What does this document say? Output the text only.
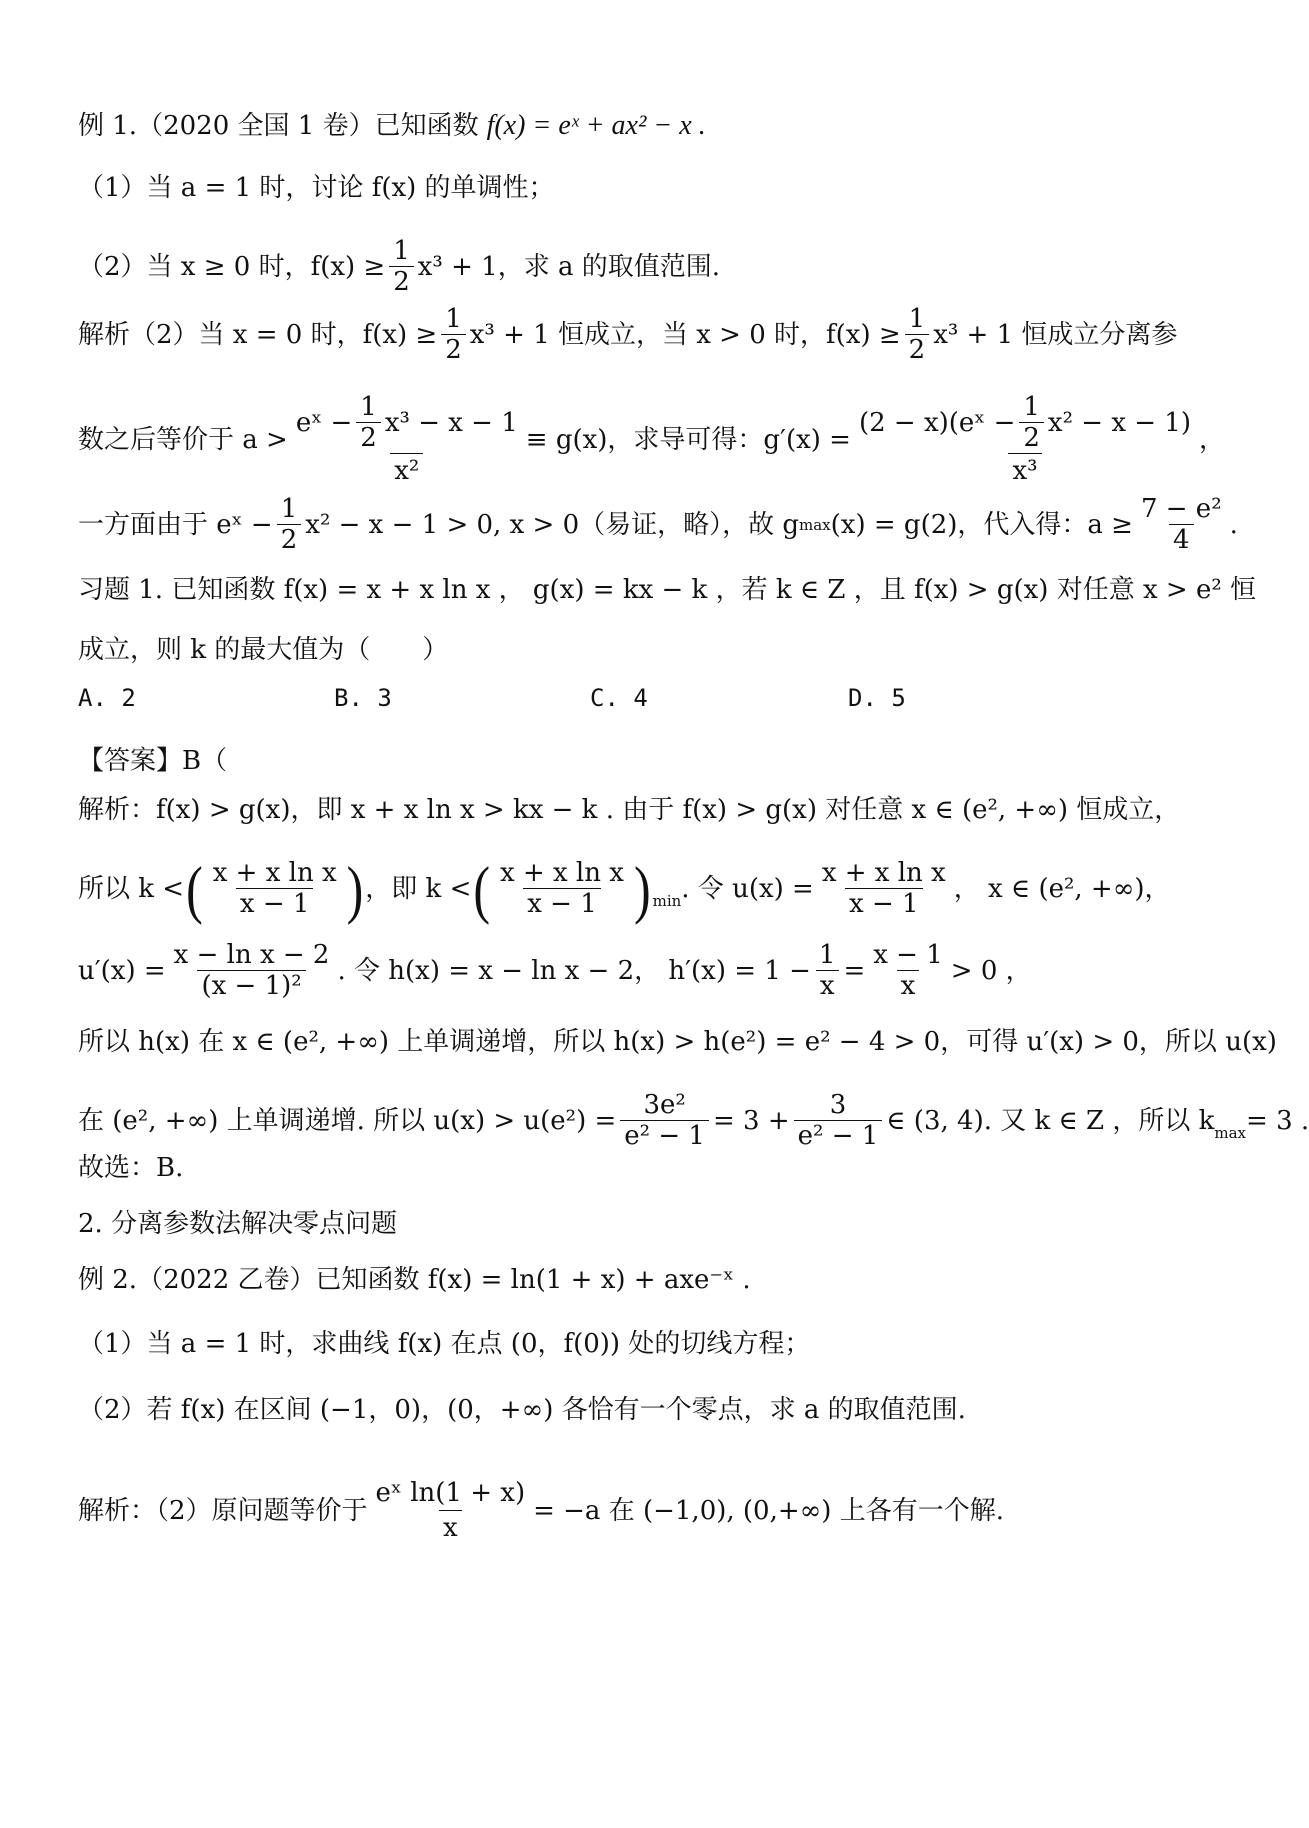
例 1.（2020 全国 1 卷）已知函数 f(x) = eˣ + ax² − x .
（1）当 a = 1 时，讨论 f(x) 的单调性；
（2）当 x ≥ 0 时，$f(x) \ge \frac{1}{2} x^3 + 1$，求 a 的取值范围.
解析（2）当 x = 0 时，$f(x) \ge \frac{1}{2} x^3 + 1$ 恒成立，当 x > 0 时，$f(x) \ge \frac{1}{2} x^3 + 1$ 恒成立分离参
数之后等价于 a >
eˣ − $\frac{1}{2} x^3 - x - 1$
x²
≡ g(x)，求导可得：g′(x) =
(2 − x)(eˣ − $\frac{1}{2} x^2 - x - 1$)
x³
，
一方面由于 eˣ − $\frac{1}{2} x^2 - x - 1 > 0$, x > 0（易证，略），故 g max (x) = g(2)，代入得：$a \ge \frac{\text{7 − e²}}{4}$ .
习题 1. 已知函数 f(x) = x + x ln x ， g(x) = kx − k ，若 k ∈ Z ，且 f(x) > g(x) 对任意 x > e² 恒
成立，则 k 的最大值为（　　）
A. 2	B. 3	C. 4	D. 5
【答案】B（
解析：f(x) > g(x)，即 x + x ln x > kx − k . 由于 f(x) > g(x) 对任意 x ∈ (e², +∞) 恒成立，
所以 k < ( $\frac{\text{x + x ln x}}{x - 1}$ ) ，即 k < ( $\frac{\text{x + x ln x}}{x - 1} )_{min}$ . 令 $u(x) = \frac{\text{x + x ln x}}{x - 1}$ ， x ∈ (e², +∞)，
$u'(x) = \frac{\text{x − ln x − 2}}{\text{(x − 1)²}}$ . 令 h(x) = x − ln x − 2， $h'(x) = 1 - \frac{1}{x} = \frac{x - 1}{x} > 0$ ，
所以 h(x) 在 x ∈ (e², +∞) 上单调递增，所以 h(x) > h(e²) = e² − 4 > 0，可得 u′(x) > 0，所以 u(x)
在 (e², +∞) 上单调递增. 所以 $u(x) > u(e^2) = \frac{\text{3e²}}{\text{e² − 1}} = 3 + \frac{3}{\text{e² − 1}}$ ∈ (3, 4). 又 k ∈ Z ，所以 $k_{max} = 3$ .
故选：B.
2. 分离参数法解决零点问题
例 2.（2022 乙卷）已知函数 f(x) = ln(1 + x) + axe⁻ˣ .
（1）当 a = 1 时，求曲线 f(x) 在点 (0，f(0)) 处的切线方程；
（2）若 f(x) 在区间 (−1，0)，(0，+∞) 各恰有一个零点，求 a 的取值范围.
解析：（2）原问题等价于 $\frac{\text{eˣ ln(1 + x)}}{x} = -a$ 在 (−1,0), (0,+∞) 上各有一个解.
